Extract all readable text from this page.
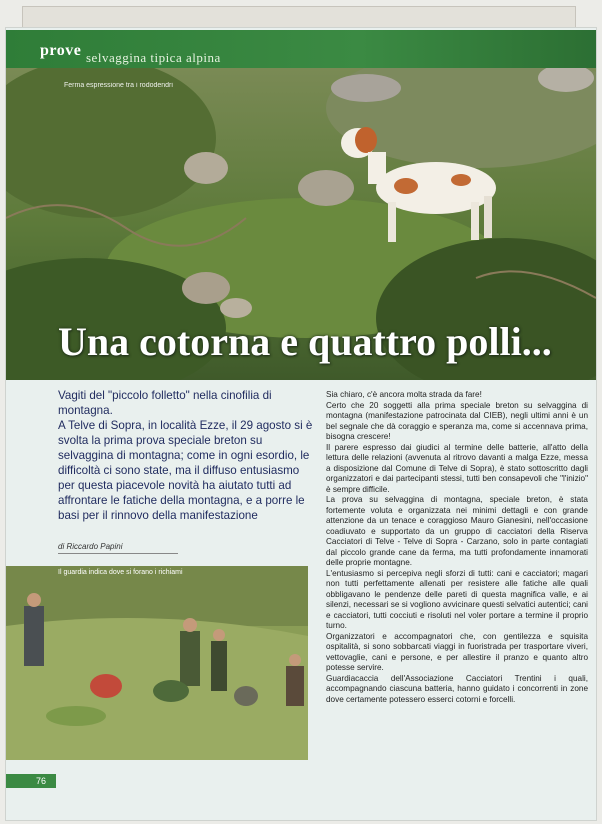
prove selvaggina tipica alpina
Ferma espressione tra i rododendri
Una cotorna e quattro polli...

Vagiti del "piccolo folletto" nella cinofilia di montagna.

A Telve di Sopra, in località Ezze, il 29 agosto si è svolta la prima prova speciale breton su selvaggina di montagna; come in ogni esordio, le difficoltà ci sono state, ma il diffuso entusiasmo per questa piacevole novità ha aiutato tutti ad affrontare le fatiche della montagna, e a porre le basi per il rinnovo della manifestazione

di Riccardo Papini
Il guardia indica dove si forano i richiami

Sia chiaro, c'è ancora molta strada da fare!

Certo che 20 soggetti alla prima speciale breton su selvaggina di montagna (manifestazione patrocinata dal CIEB), negli ultimi anni è un bel segnale che dà coraggio e speranza ma, come si accennava prima, bisogna crescere!

Il parere espresso dai giudici al termine delle batterie, all'atto della lettura delle relazioni (avvenuta al ritrovo davanti a malga Ezze, messa a disposizione dal Comune di Telve di Sopra), è stato sottoscritto dagli organizzatori e dai partecipanti stessi, tutti ben consapevoli che "l'inizio" è sempre difficile.

La prova su selvaggina di montagna, speciale breton, è stata fortemente voluta e organizzata nei minimi dettagli e con grande attenzione da un tenace e coraggioso Mauro Gianesini, nell'occasione coadiuvato e supportato da un gruppo di cacciatori della Riserva Cacciatori di Telve - Telve di Sopra - Carzano, solo in parte contagiati dal piccolo grande cane da ferma, ma tutti profondamente innamorati delle proprie montagne.

L'entusiasmo si percepiva negli sforzi di tutti: cani e cacciatori; magari non tutti perfettamente allenati per resistere alle fatiche alle quali obbligavano le pendenze delle pareti di questa magnifica valle, e ai silenzi, necessari se si vogliono avvicinare questi selvatici autentici; cani e cacciatori, tutti cocciuti e risoluti nel voler portare a termine il proprio turno.

Organizzatori e accompagnatori che, con gentilezza e squisita ospitalità, si sono sobbarcati viaggi in fuoristrada per trasportare viveri, vettovaglie, cani e persone, e per allestire il pranzo e quanto altro potesse servire.

Guardiacaccia dell'Associazione Cacciatori Trentini i quali, accompagnando ciascuna batteria, hanno guidato i concorrenti in zone dove certamente potessero esserci cotorni e forcelli.

76
